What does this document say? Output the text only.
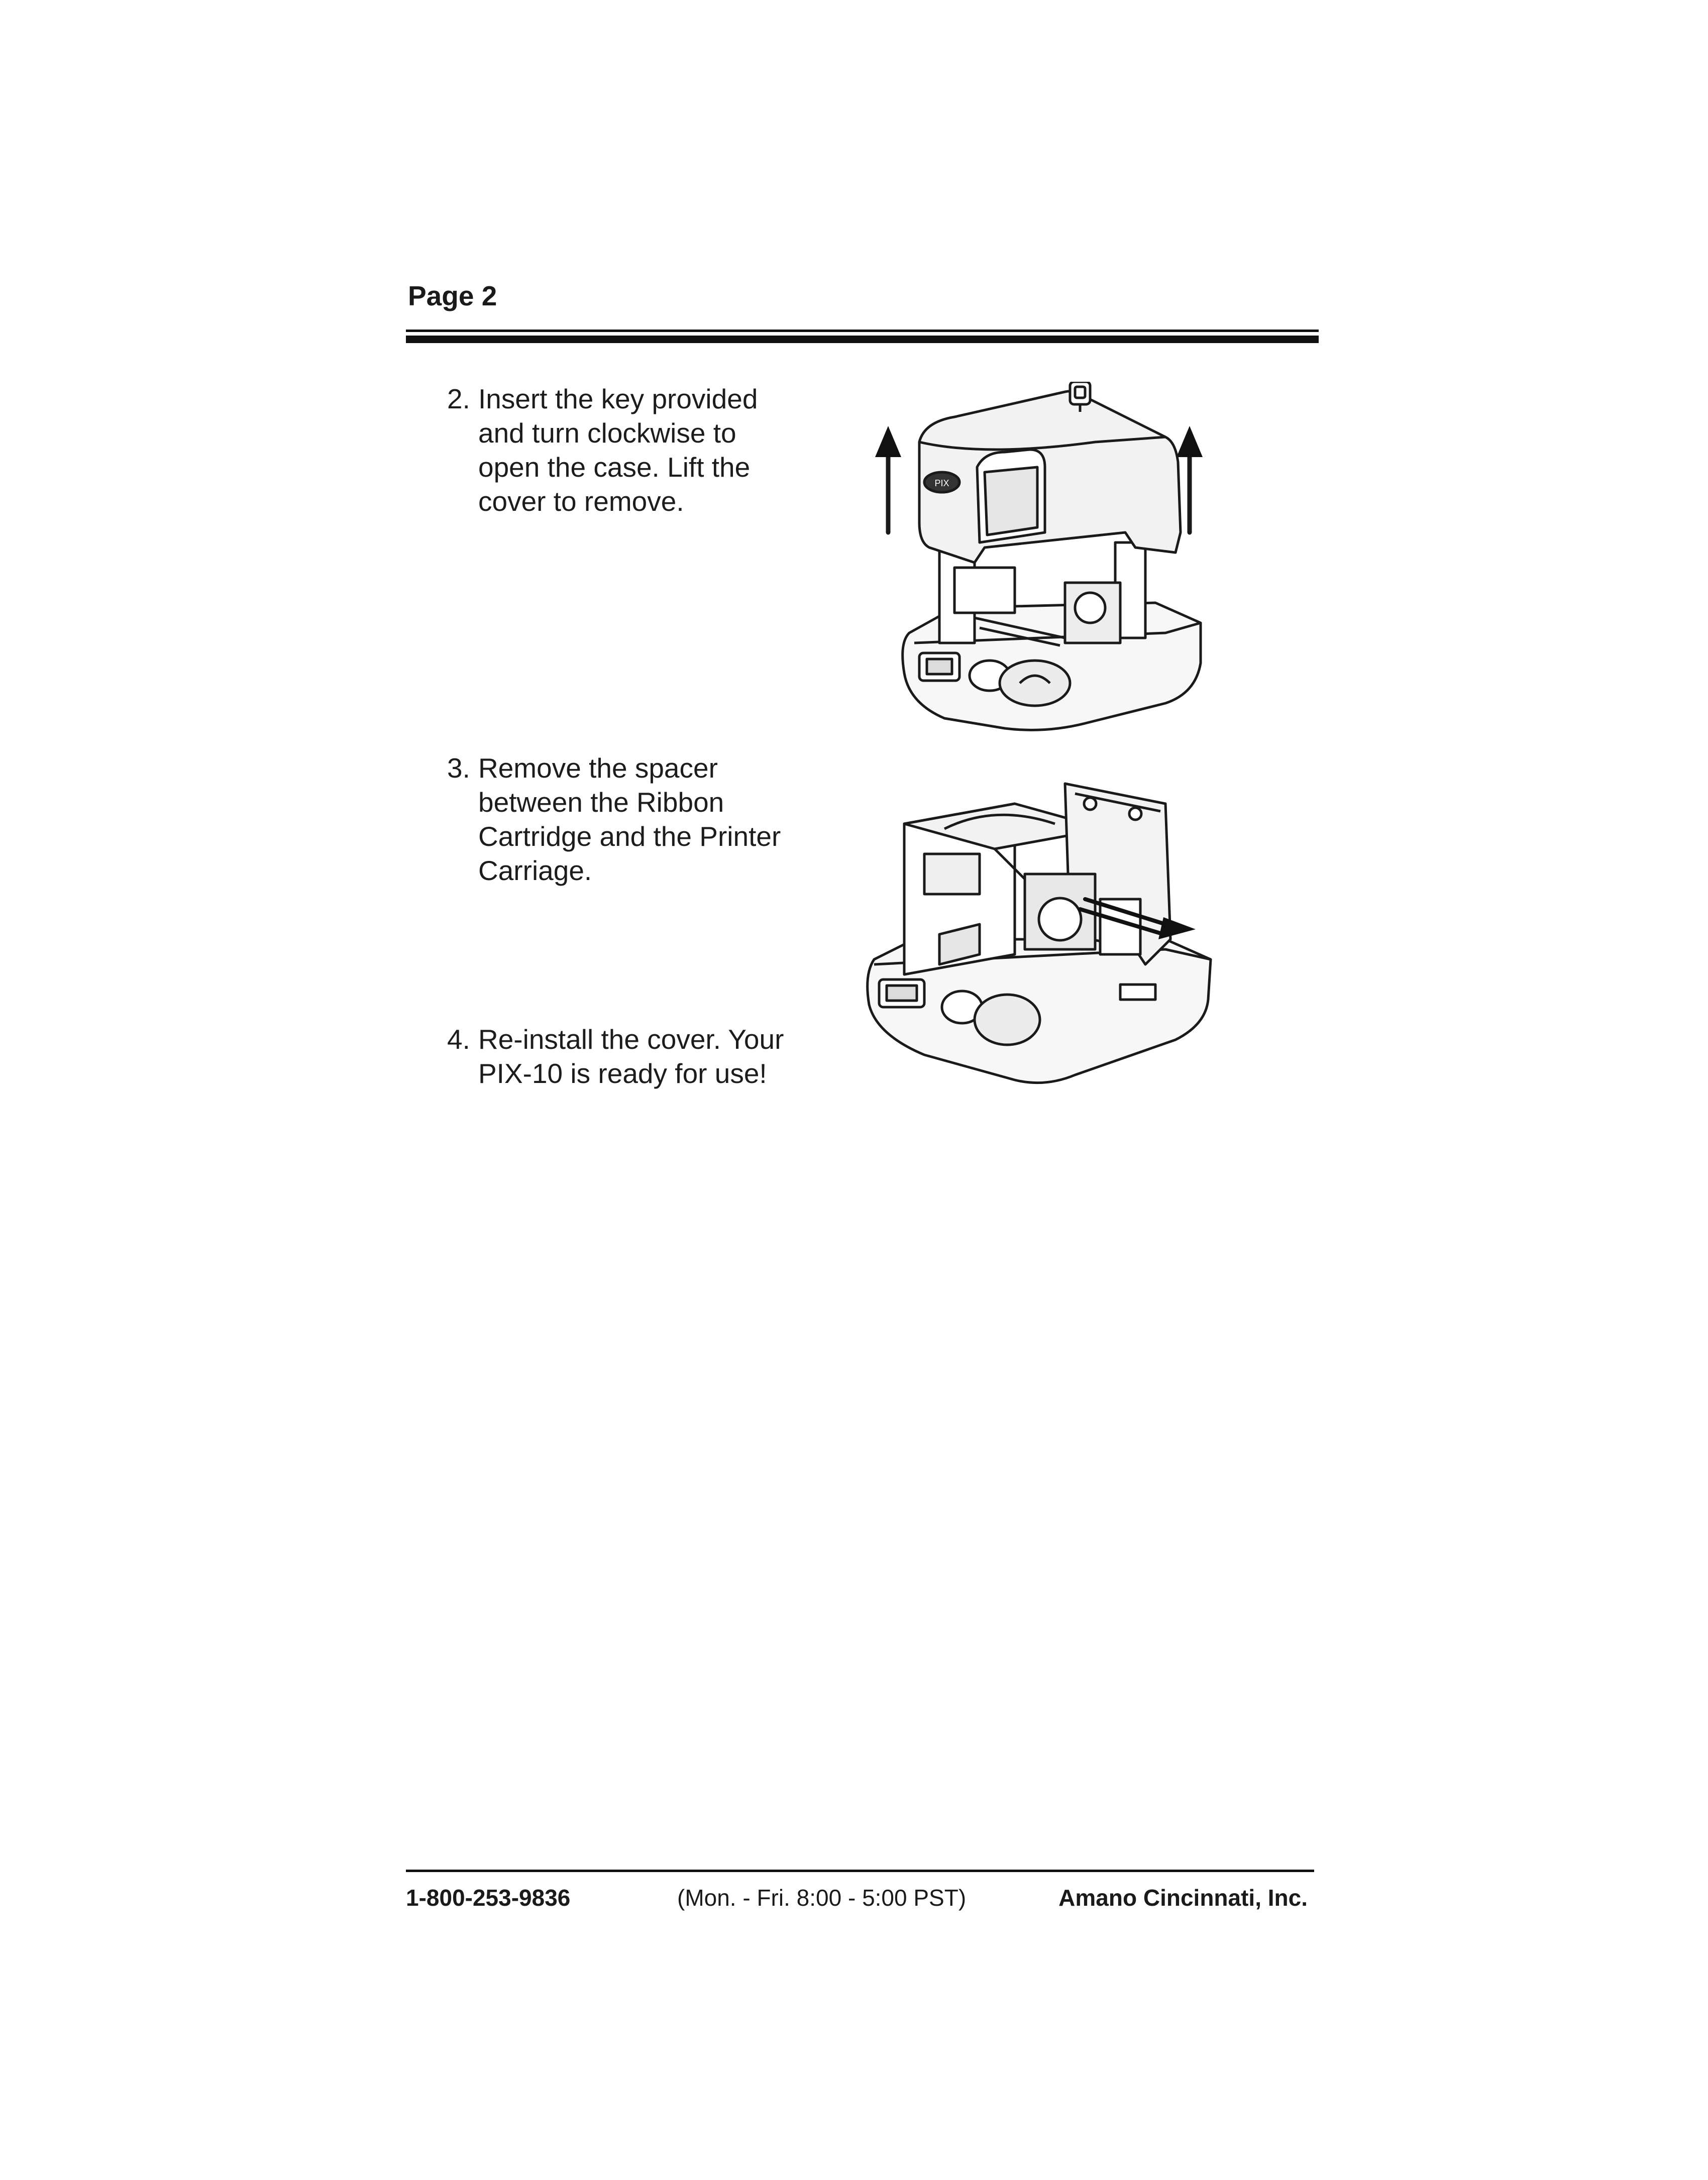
Page 2
2. Insert the key provided
and turn clockwise to
open the case. Lift the
cover to remove.
PIX
3. Remove the spacer
between the Ribbon
Cartridge and the Printer
Carriage.
4. Re-install the cover. Your
PIX-10 is ready for use!
1-800-253-9836	(Mon. - Fri. 8:00 - 5:00 PST)	Amano Cincinnati, Inc.
